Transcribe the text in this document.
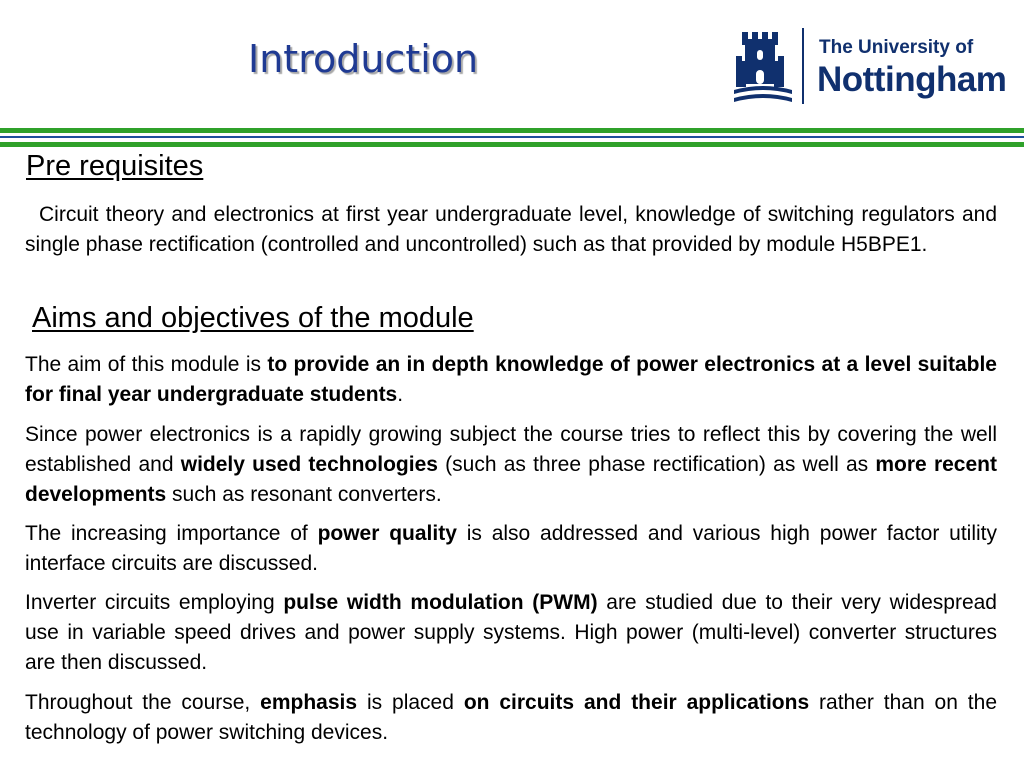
Introduction	The University of
Nottingham
Pre requisites

Circuit theory and electronics at first year undergraduate level, knowledge of switching regulators and single phase rectification (controlled and uncontrolled) such as that provided by module H5BPE1.

Aims and objectives of the module

The aim of this module is to provide an in depth knowledge of power electronics at a level suitable for final year undergraduate students.

Since power electronics is a rapidly growing subject the course tries to reflect this by covering the well established and widely used technologies (such as three phase rectification) as well as more recent developments such as resonant converters.

The increasing importance of power quality is also addressed and various high power factor utility interface circuits are discussed.

Inverter circuits employing pulse width modulation (PWM) are studied due to their very widespread use in variable speed drives and power supply systems. High power (multi-level) converter structures are then discussed.

Throughout the course, emphasis is placed on circuits and their applications rather than on the technology of power switching devices.
